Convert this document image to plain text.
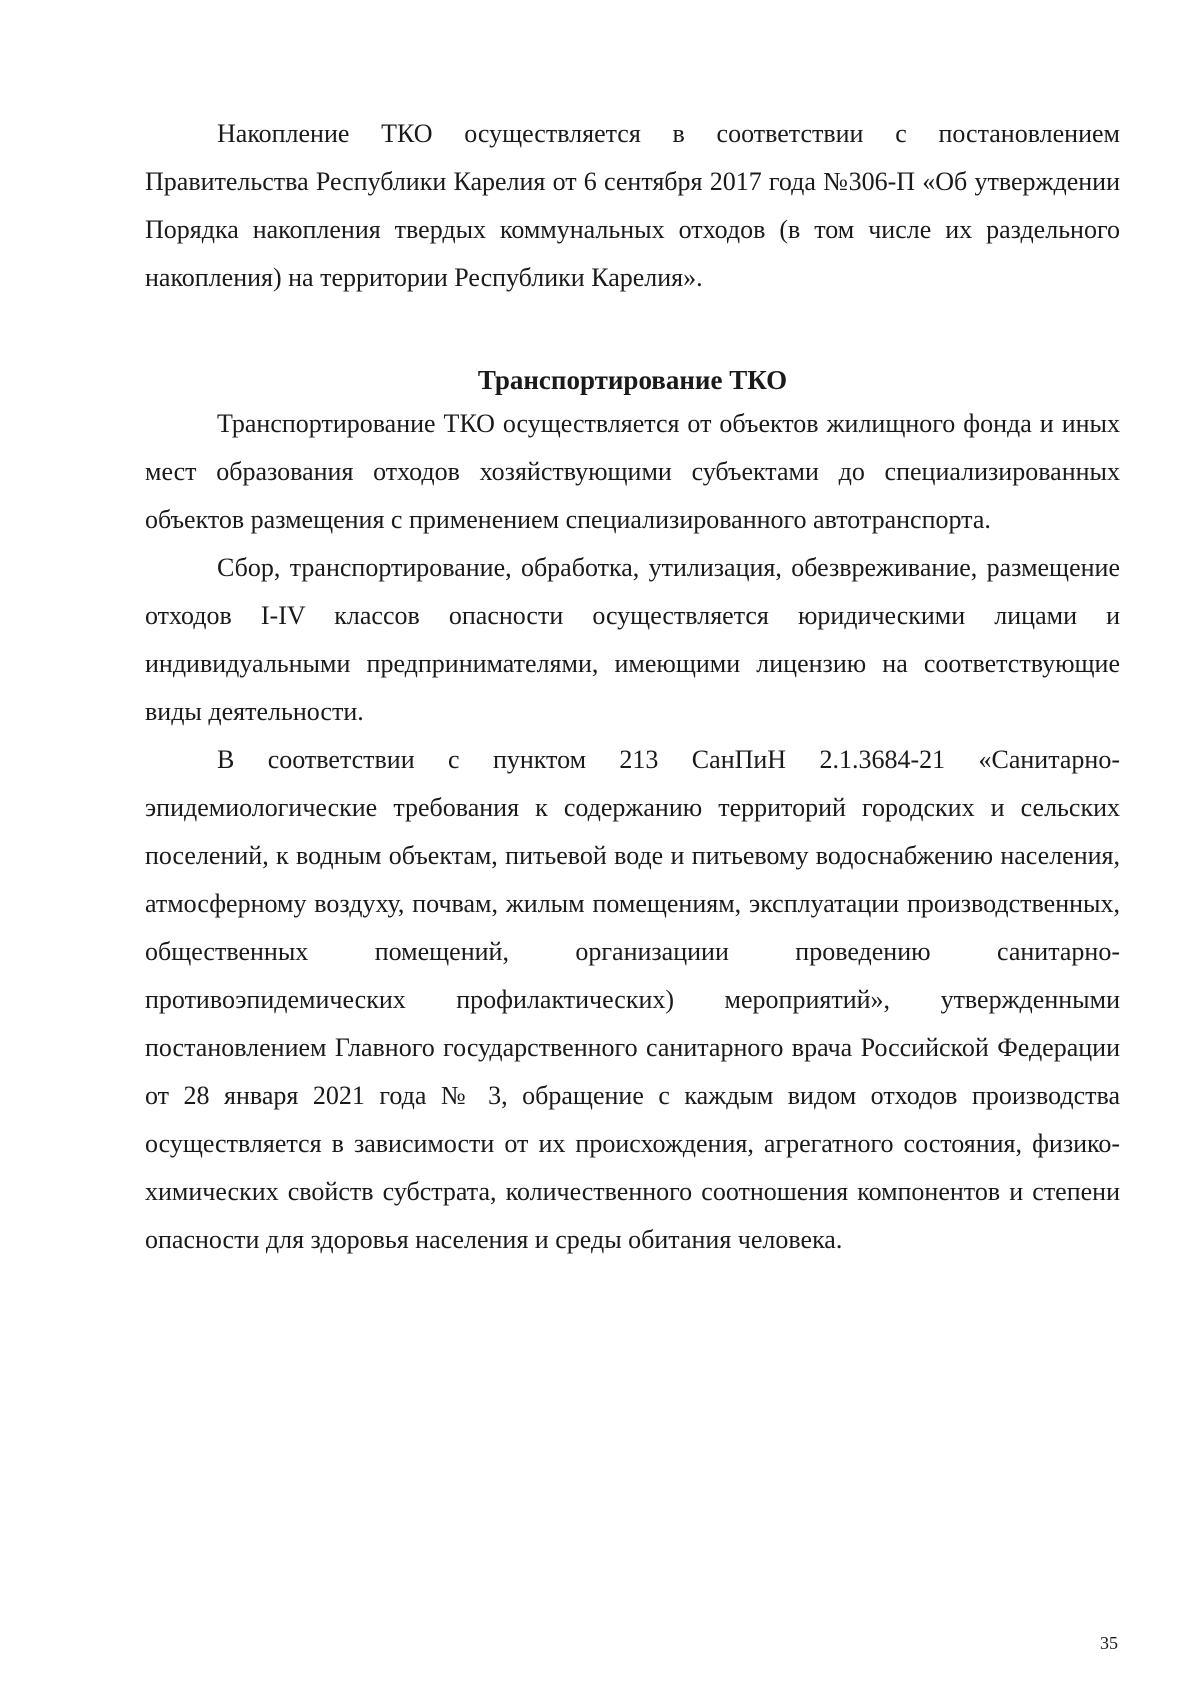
Накопление ТКО осуществляется в соответствии с постановлением Правительства Республики Карелия от 6 сентября 2017 года №306-П «Об утверждении Порядка накопления твердых коммунальных отходов (в том числе их раздельного накопления) на территории Республики Карелия».

Транспортирование ТКО

Транспортирование ТКО осуществляется от объектов жилищного фонда и иных мест образования отходов хозяйствующими субъектами до специализированных объектов размещения с применением специализированного автотранспорта.

Сбор, транспортирование, обработка, утилизация, обезвреживание, размещение отходов I-IV классов опасности осуществляется юридическими лицами и индивидуальными предпринимателями, имеющими лицензию на соответствующие виды деятельности.

В соответствии с пунктом 213 СанПиН 2.1.3684-21 «Санитарно-эпидемиологические требования к содержанию территорий городских и сельских поселений, к водным объектам, питьевой воде и питьевому водоснабжению населения, атмосферному воздуху, почвам, жилым помещениям, эксплуатации производственных, общественных помещений, организациии проведению санитарно-противоэпидемических профилактических) мероприятий», утвержденными постановлением Главного государственного санитарного врача Российской Федерации от 28 января 2021 года № 3, обращение с каждым видом отходов производства осуществляется в зависимости от их происхождения, агрегатного состояния, физико-химических свойств субстрата, количественного соотношения компонентов и степени опасности для здоровья населения и среды обитания человека.

35
